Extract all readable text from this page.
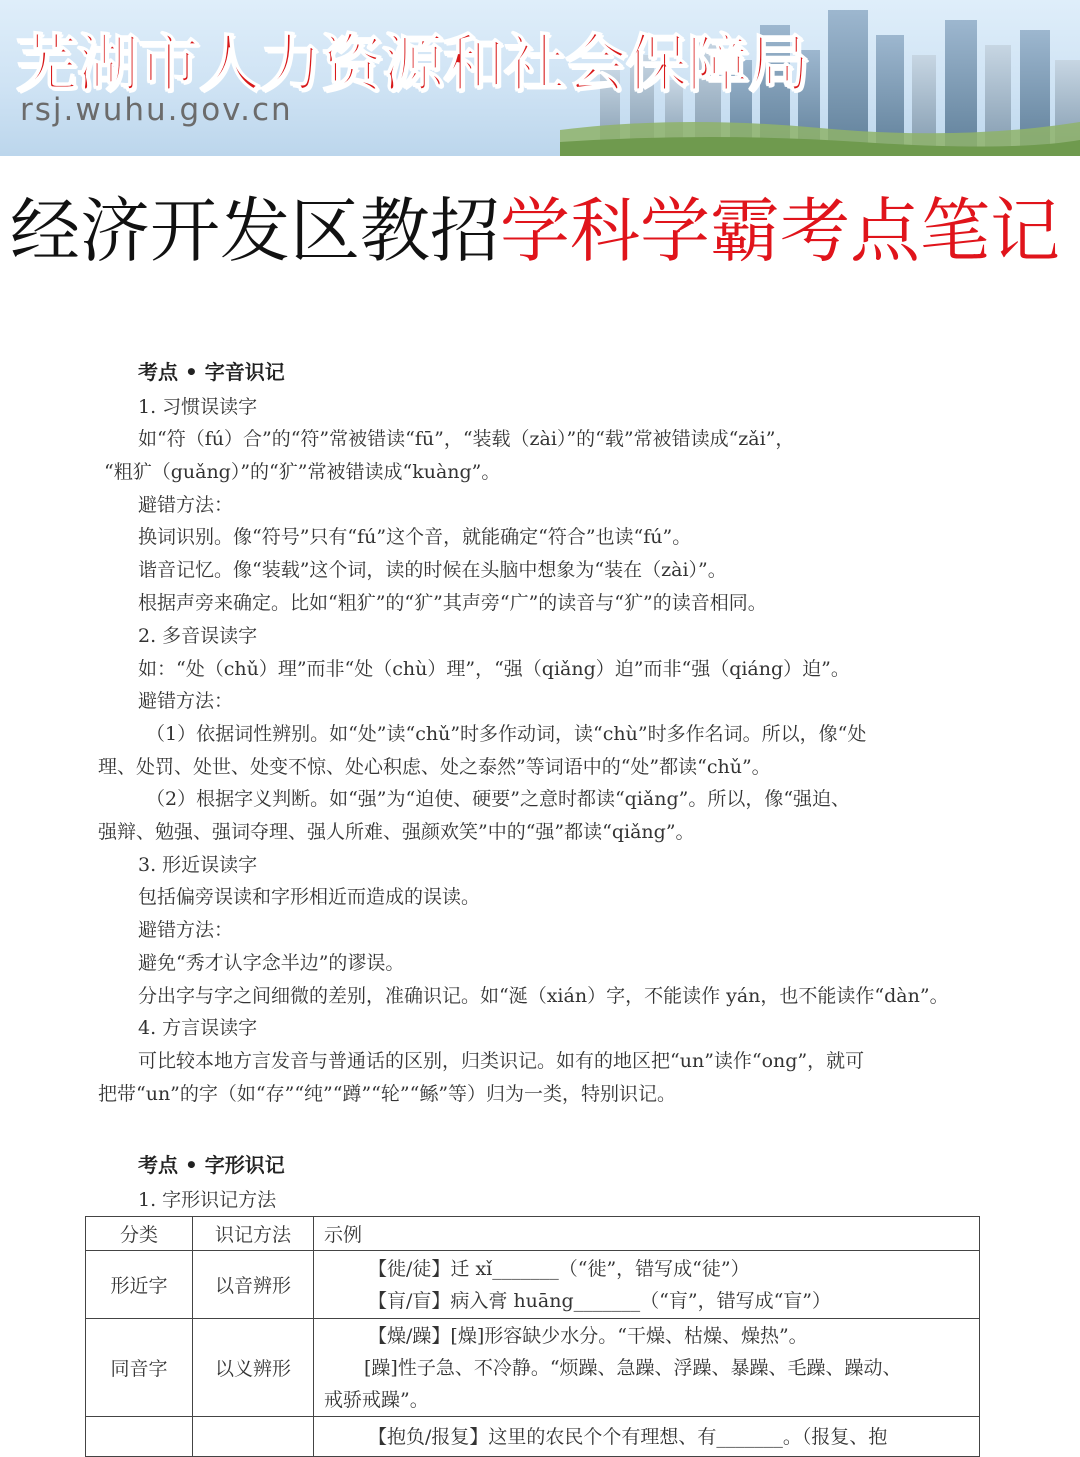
芜湖市人力资源和社会保障局
rsj.wuhu.gov.cn
经济开发区教招学科学霸考点笔记
考点 • 字音识记
1. 习惯误读字
如“符（fú）合”的“符”常被错读“fū”，“装载（zài）”的“载”常被错读成“zǎi”，
“粗犷（guǎng）”的“犷”常被错读成“kuàng”。
避错方法：
换词识别。像“符号”只有“fú”这个音，就能确定“符合”也读“fú”。
谐音记忆。像“装载”这个词，读的时候在头脑中想象为“装在（zài）”。
根据声旁来确定。比如“粗犷”的“犷”其声旁“广”的读音与“犷”的读音相同。
2. 多音误读字
如：“处（chǔ）理”而非“处（chù）理”，“强（qiǎng）迫”而非“强（qiáng）迫”。
避错方法：
（1）依据词性辨别。如“处”读“chǔ”时多作动词，读“chù”时多作名词。所以，像“处
理、处罚、处世、处变不惊、处心积虑、处之泰然”等词语中的“处”都读“chǔ”。
（2）根据字义判断。如“强”为“迫使、硬要”之意时都读“qiǎng”。所以，像“强迫、
强辩、勉强、强词夺理、强人所难、强颜欢笑”中的“强”都读“qiǎng”。
3. 形近误读字
包括偏旁误读和字形相近而造成的误读。
避错方法：
避免“秀才认字念半边”的谬误。
分出字与字之间细微的差别，准确识记。如“涎（xián）字，不能读作 yán，也不能读作“dàn”。
4. 方言误读字
可比较本地方言发音与普通话的区别，归类识记。如有的地区把“un”读作“ong”，就可
把带“un”的字（如“存”“纯”“蹲”“轮”“鲧”等）归为一类，特别识记。
考点 • 字形识记
1. 字形识记方法
分类	识记方法	示例
形近字	以音辨形	【徙/徒】迁 xǐ_______（“徙”，错写成“徒”）
【肓/盲】病入膏 huāng_______（“肓”，错写成“盲”）

同音字	以义辨形	【燥/躁】[燥]形容缺少水分。“干燥、枯燥、燥热”。
[躁]性子急、不冷静。“烦躁、急躁、浮躁、暴躁、毛躁、躁动、
戒骄戒躁”。

		【抱负/报复】这里的农民个个有理想、有_______。（报复、抱
